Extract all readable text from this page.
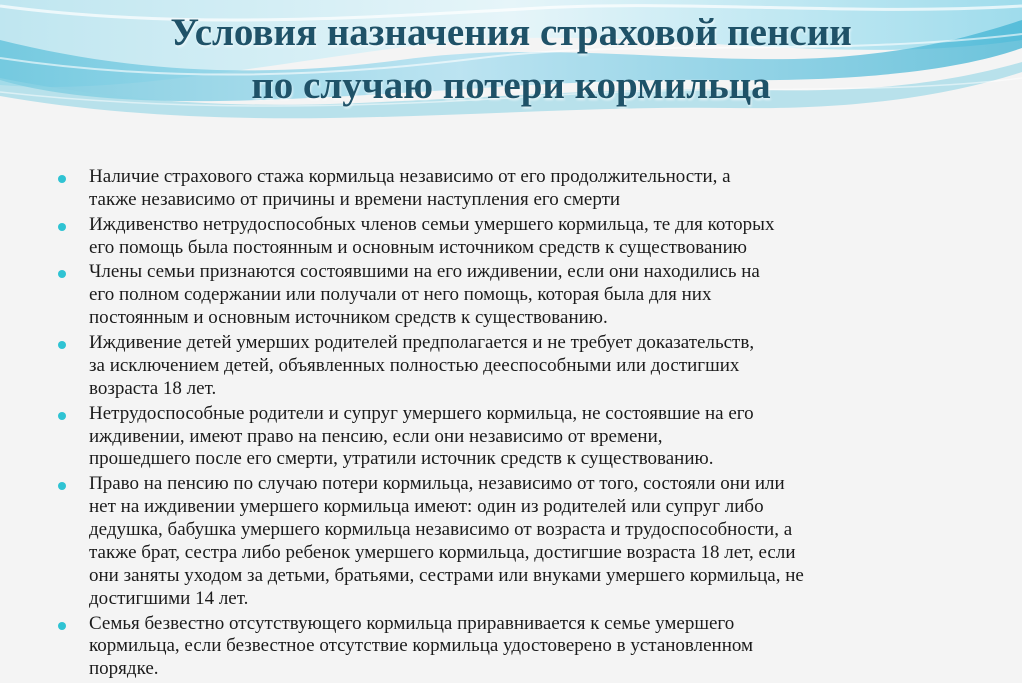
Условия назначения страховой пенсии
по случаю потери кормильца
Наличие страхового стажа кормильца независимо от его продолжительности, а
также независимо от причины и времени наступления его смерти
Иждивенство нетрудоспособных членов семьи умершего кормильца, те для которых
его помощь была постоянным и основным источником средств к существованию
Члены семьи признаются состоявшими на его иждивении, если они находились на
его полном содержании или получали от него помощь, которая была для них
постоянным и основным источником средств к существованию.
Иждивение детей умерших родителей предполагается и не требует доказательств,
за исключением детей, объявленных полностью дееспособными или достигших
возраста 18 лет.
Нетрудоспособные родители и супруг умершего кормильца, не состоявшие на его
иждивении, имеют право на пенсию, если они независимо от времени,
прошедшего после его смерти, утратили источник средств к существованию.
Право на пенсию по случаю потери кормильца, независимо от того, состояли они или
нет на иждивении умершего кормильца имеют: один из родителей или супруг либо
дедушка, бабушка умершего кормильца независимо от возраста и трудоспособности, а
также брат, сестра либо ребенок умершего кормильца, достигшие возраста 18 лет, если
они заняты уходом за детьми, братьями, сестрами или внуками умершего кормильца, не
достигшими 14 лет.
Семья безвестно отсутствующего кормильца приравнивается к семье умершего
кормильца, если безвестное отсутствие кормильца удостоверено в установленном
порядке.
